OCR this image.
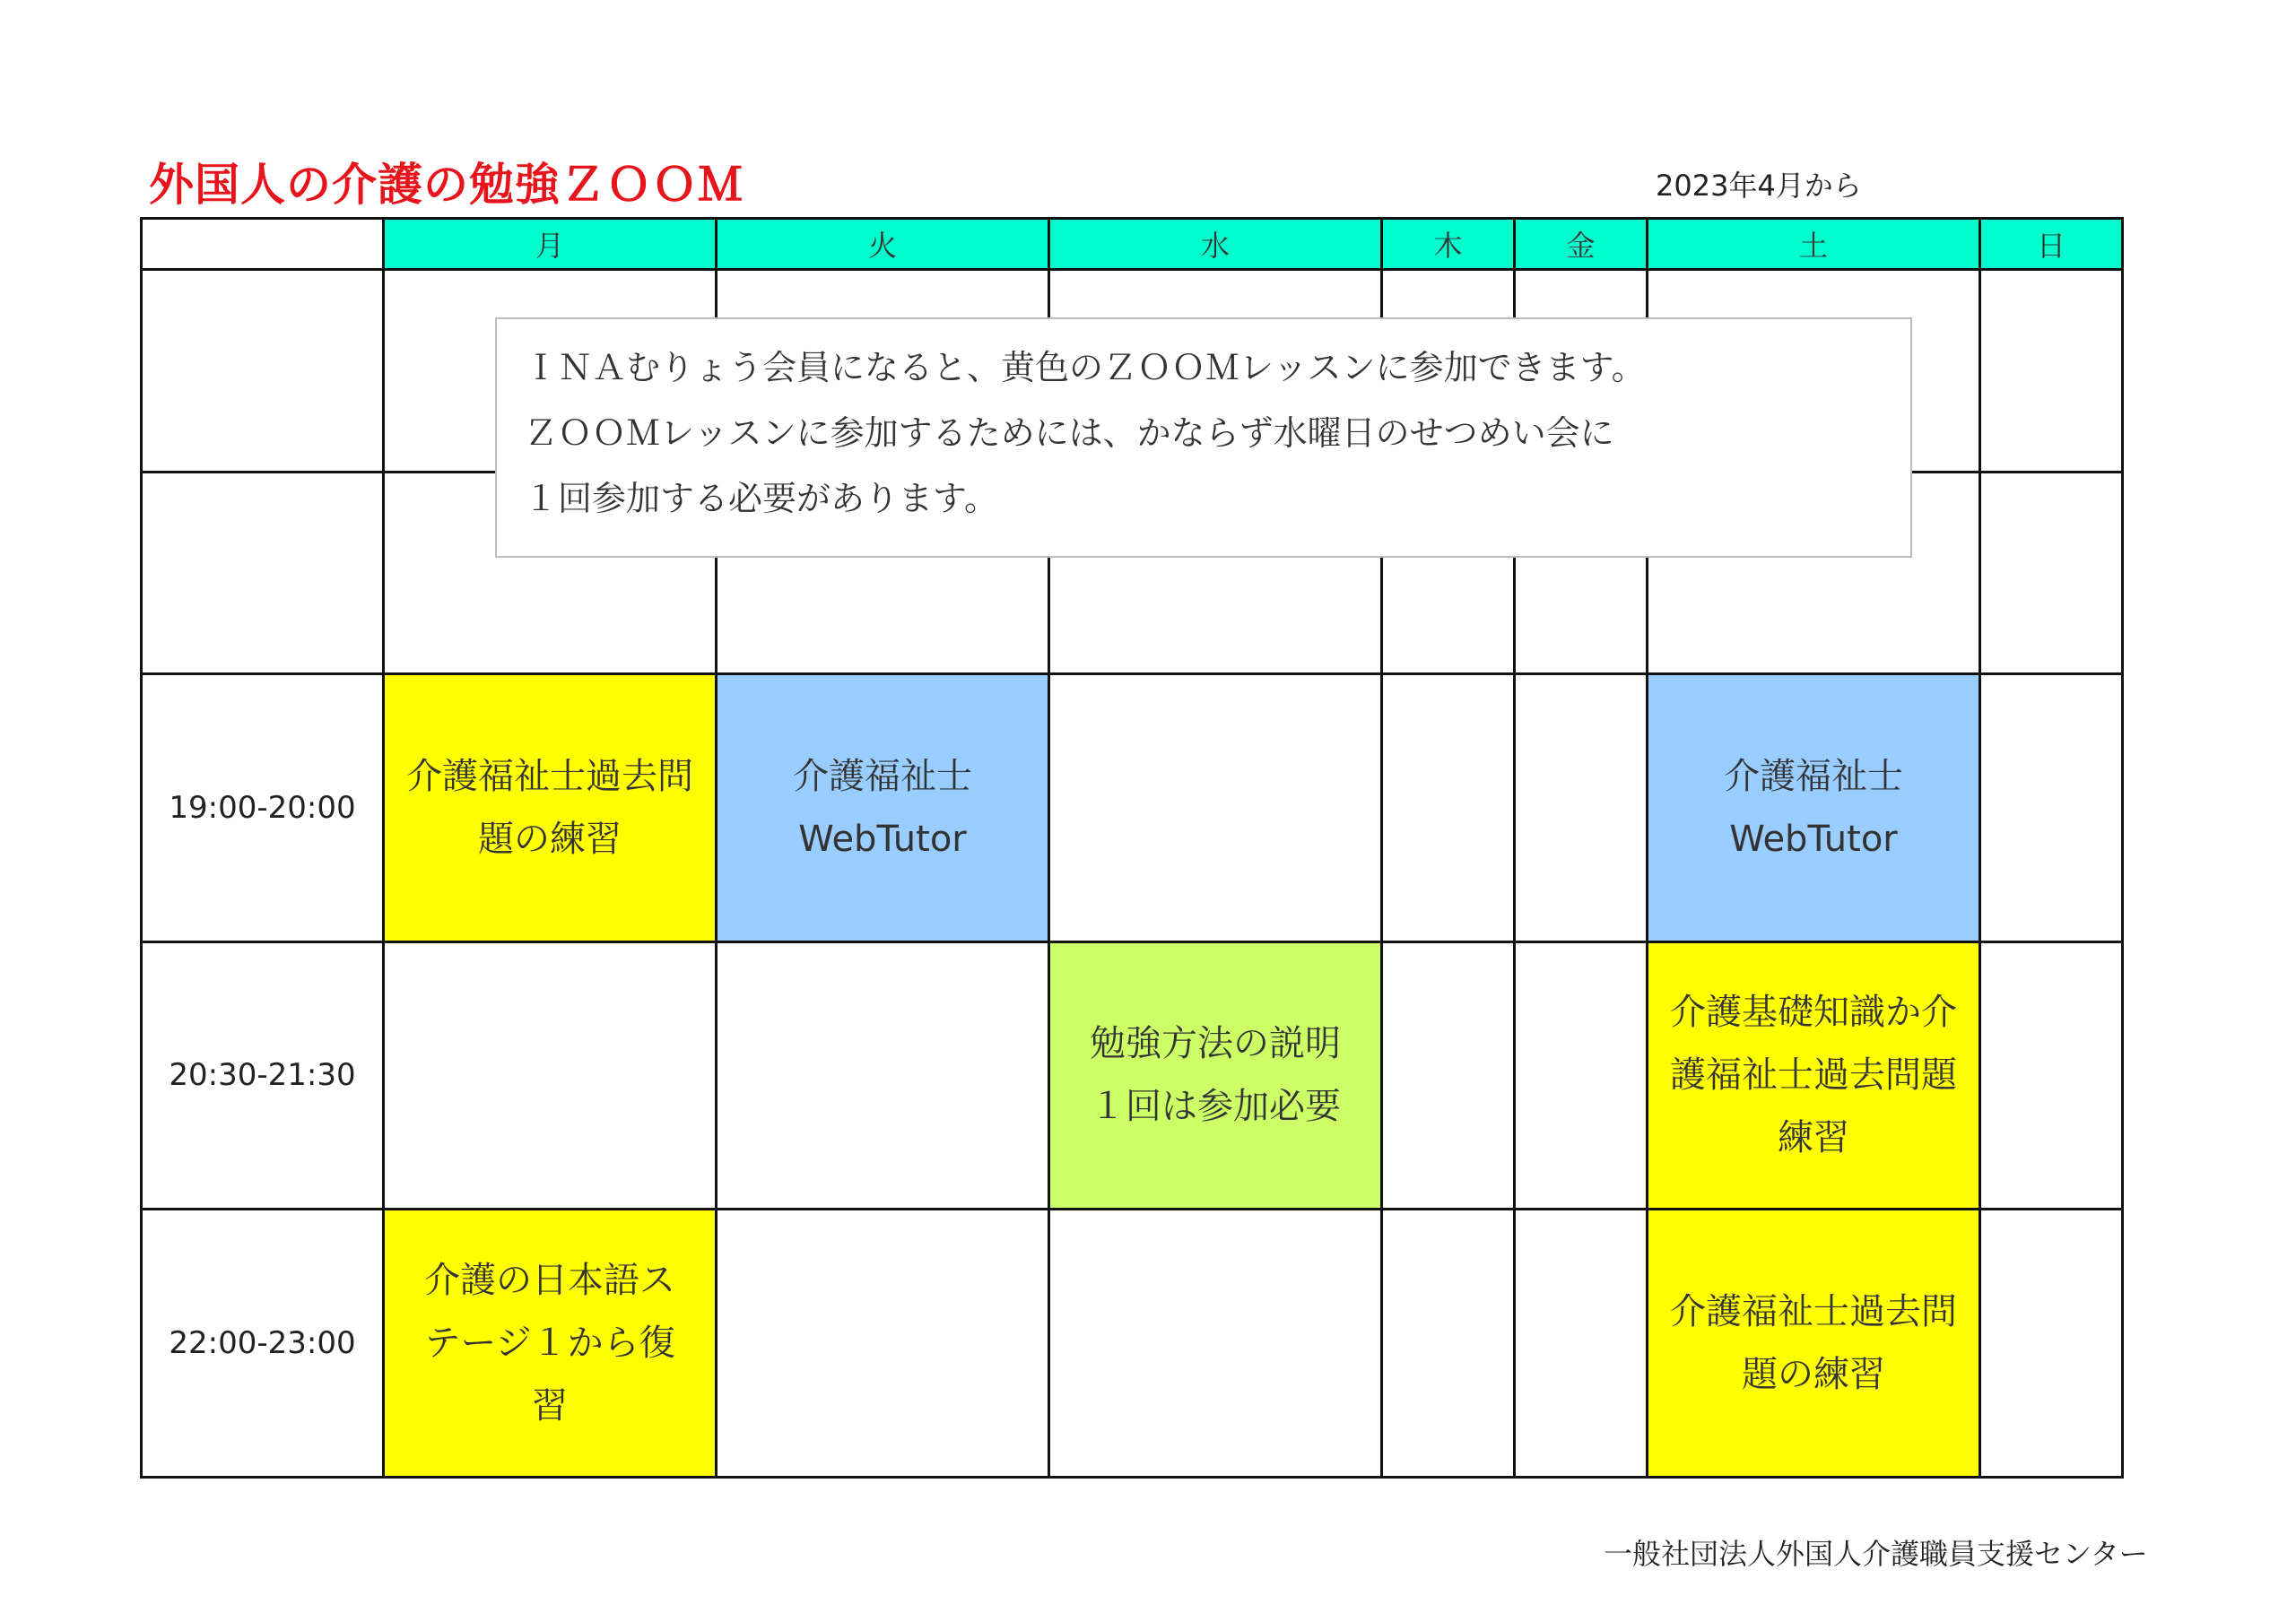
外国人の介護の勉強ＺＯＯＭ	2023年4月から
	月	火	水	木	金	土	日

19:00-20:00	介護福祉士過去問題の練習	介護福祉士 WebTutor				介護福祉士 WebTutor	
20:30-21:30			勉強方法の説明 １回は参加必要			介護基礎知識か介護福祉士過去問題練習	
22:00-23:00	介護の日本語ステージ１から復習					介護福祉士過去問題の練習	
ＩＮＡむりょう会員になると、黄色のＺＯＯＭレッスンに参加できます。
ＺＯＯＭレッスンに参加するためには、かならず水曜日のせつめい会に
１回参加する必要があります。
一般社団法人外国人介護職員支援センター
